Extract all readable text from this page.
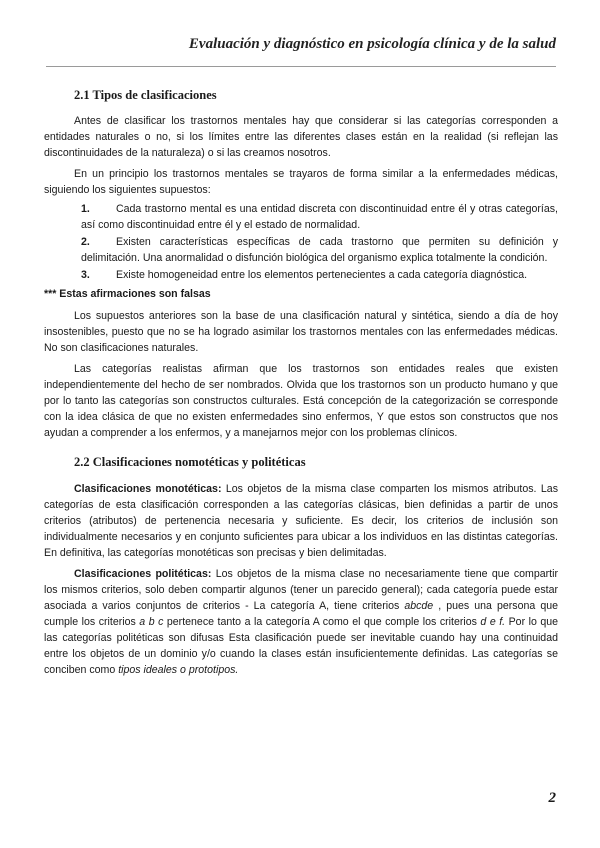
Evaluación y diagnóstico en psicología clínica y de la salud
2.1 Tipos de clasificaciones

Antes de clasificar los trastornos mentales hay que considerar si las categorías corresponden a entidades naturales o no, si los límites entre las diferentes clases están en la realidad (si reflejan las discontinuidades de la naturaleza) o si las creamos nosotros.

En un principio los trastornos mentales se trayaros de forma similar a la enfermedades médicas, siguiendo los siguientes supuestos:

1. Cada trastorno mental es una entidad discreta con discontinuidad entre él y otras categorías, así como discontinuidad entre él y el estado de normalidad.
2. Existen características específicas de cada trastorno que permiten su definición y delimitación. Una anormalidad o disfunción biológica del organismo explica totalmente la condición.
3. Existe homogeneidad entre los elementos pertenecientes a cada categoría diagnóstica.
*** Estas afirmaciones son falsas

Los supuestos anteriores son la base de una clasificación natural y sintética, siendo a día de hoy insostenibles, puesto que no se ha logrado asimilar los trastornos mentales con las enfermedades médicas. No son clasificaciones naturales.

Las categorías realistas afirman que los trastornos son entidades reales que existen independientemente del hecho de ser nombrados. Olvida que los trastornos son un producto humano y que por lo tanto las categorías son constructos culturales. Está concepción de la categorización se corresponde con la idea clásica de que no existen enfermedades sino enfermos, Y que estos son constructos que nos ayudan a comprender a los enfermos, y a manejarnos mejor con los problemas clínicos.

2.2 Clasificaciones nomotéticas y politéticas

Clasificaciones monotéticas: Los objetos de la misma clase comparten los mismos atributos. Las categorías de esta clasificación corresponden a las categorías clásicas, bien definidas a partir de unos criterios (atributos) de pertenencia necesaria y suficiente. Es decir, los criterios de inclusión son individualmente necesarios y en conjunto suficientes para ubicar a los individuos en las distintas categorías. En definitiva, las categorías monotéticas son precisas y bien delimitadas.

Clasificaciones politéticas: Los objetos de la misma clase no necesariamente tiene que compartir los mismos criterios, solo deben compartir algunos (tener un parecido general); cada categoría puede estar asociada a varios conjuntos de criterios - La categoría A, tiene criterios abcde , pues una persona que cumple los criterios a b c pertenece tanto a la categoría A como el que comple los criterios d e f. Por lo que las categorías politéticas son difusas Esta clasificación puede ser inevitable cuando hay una continuidad entre los objetos de un dominio y/o cuando la clases están insuficientemente definidas. Las categorías se conciben como tipos ideales o prototipos.

2
